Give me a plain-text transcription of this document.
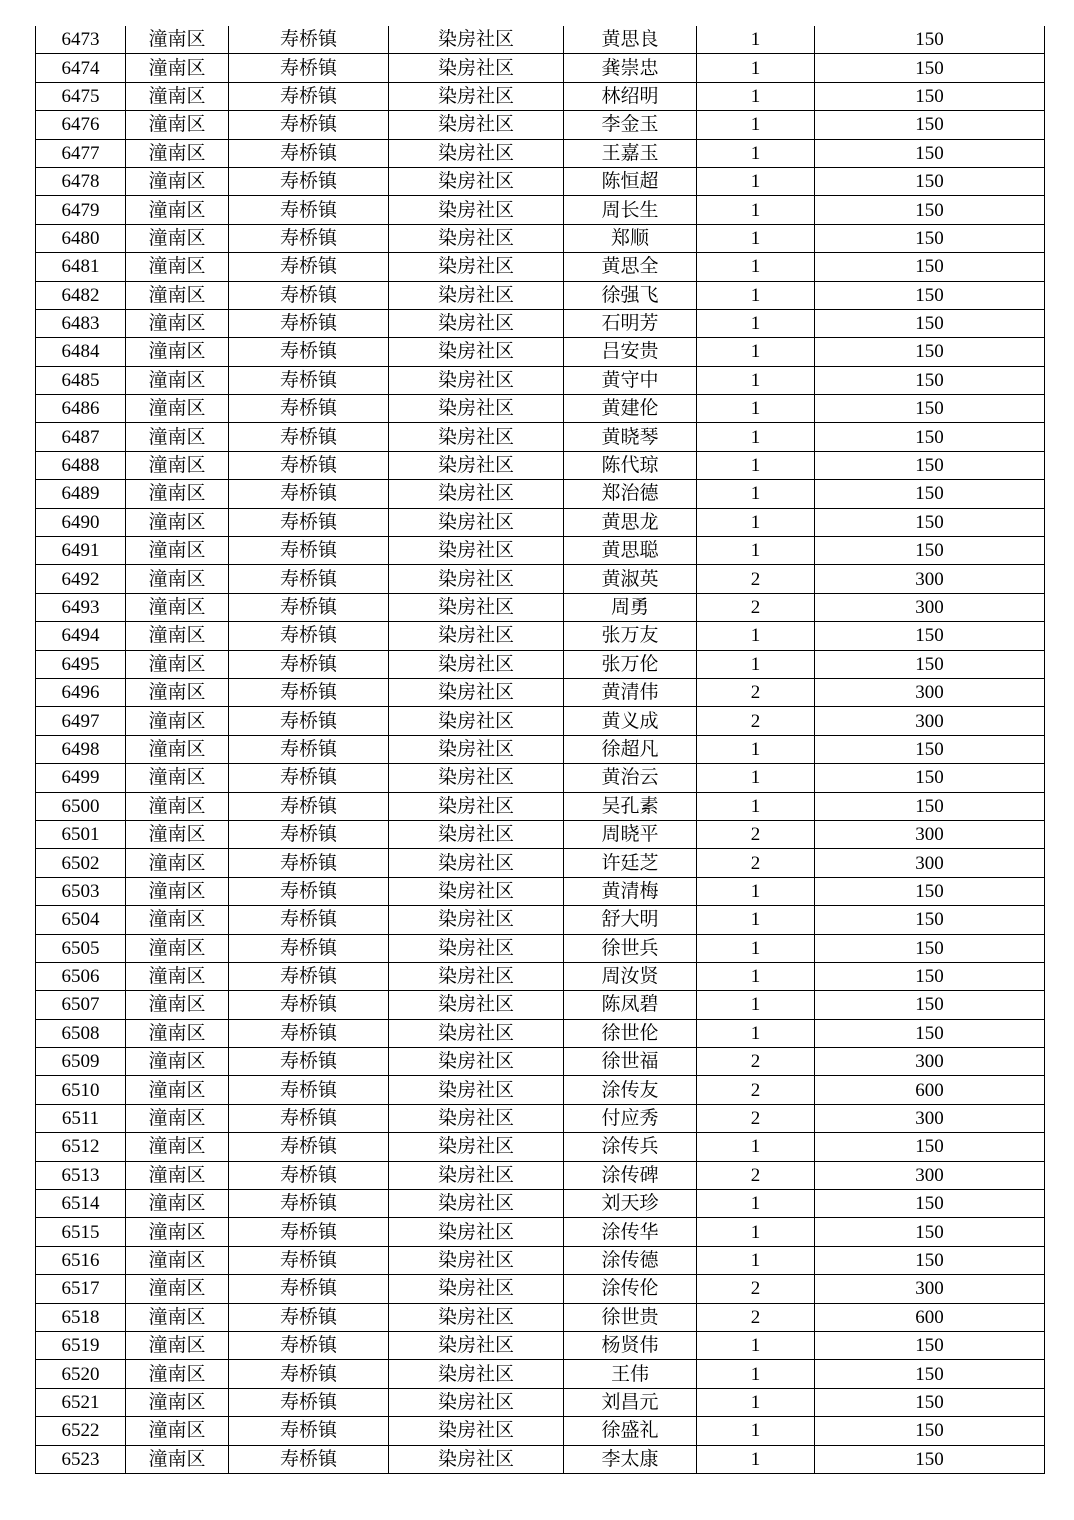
6473	潼南区	寿桥镇	染房社区	黄思良	1	150
6474	潼南区	寿桥镇	染房社区	龚崇忠	1	150
6475	潼南区	寿桥镇	染房社区	林绍明	1	150
6476	潼南区	寿桥镇	染房社区	李金玉	1	150
6477	潼南区	寿桥镇	染房社区	王嘉玉	1	150
6478	潼南区	寿桥镇	染房社区	陈恒超	1	150
6479	潼南区	寿桥镇	染房社区	周长生	1	150
6480	潼南区	寿桥镇	染房社区	郑顺	1	150
6481	潼南区	寿桥镇	染房社区	黄思全	1	150
6482	潼南区	寿桥镇	染房社区	徐强飞	1	150
6483	潼南区	寿桥镇	染房社区	石明芳	1	150
6484	潼南区	寿桥镇	染房社区	吕安贵	1	150
6485	潼南区	寿桥镇	染房社区	黄守中	1	150
6486	潼南区	寿桥镇	染房社区	黄建伦	1	150
6487	潼南区	寿桥镇	染房社区	黄晓琴	1	150
6488	潼南区	寿桥镇	染房社区	陈代琼	1	150
6489	潼南区	寿桥镇	染房社区	郑治德	1	150
6490	潼南区	寿桥镇	染房社区	黄思龙	1	150
6491	潼南区	寿桥镇	染房社区	黄思聪	1	150
6492	潼南区	寿桥镇	染房社区	黄淑英	2	300
6493	潼南区	寿桥镇	染房社区	周勇	2	300
6494	潼南区	寿桥镇	染房社区	张万友	1	150
6495	潼南区	寿桥镇	染房社区	张万伦	1	150
6496	潼南区	寿桥镇	染房社区	黄清伟	2	300
6497	潼南区	寿桥镇	染房社区	黄义成	2	300
6498	潼南区	寿桥镇	染房社区	徐超凡	1	150
6499	潼南区	寿桥镇	染房社区	黄治云	1	150
6500	潼南区	寿桥镇	染房社区	吴孔素	1	150
6501	潼南区	寿桥镇	染房社区	周晓平	2	300
6502	潼南区	寿桥镇	染房社区	许廷芝	2	300
6503	潼南区	寿桥镇	染房社区	黄清梅	1	150
6504	潼南区	寿桥镇	染房社区	舒大明	1	150
6505	潼南区	寿桥镇	染房社区	徐世兵	1	150
6506	潼南区	寿桥镇	染房社区	周汝贤	1	150
6507	潼南区	寿桥镇	染房社区	陈凤碧	1	150
6508	潼南区	寿桥镇	染房社区	徐世伦	1	150
6509	潼南区	寿桥镇	染房社区	徐世福	2	300
6510	潼南区	寿桥镇	染房社区	涂传友	2	600
6511	潼南区	寿桥镇	染房社区	付应秀	2	300
6512	潼南区	寿桥镇	染房社区	涂传兵	1	150
6513	潼南区	寿桥镇	染房社区	涂传碑	2	300
6514	潼南区	寿桥镇	染房社区	刘天珍	1	150
6515	潼南区	寿桥镇	染房社区	涂传华	1	150
6516	潼南区	寿桥镇	染房社区	涂传德	1	150
6517	潼南区	寿桥镇	染房社区	涂传伦	2	300
6518	潼南区	寿桥镇	染房社区	徐世贵	2	600
6519	潼南区	寿桥镇	染房社区	杨贤伟	1	150
6520	潼南区	寿桥镇	染房社区	王伟	1	150
6521	潼南区	寿桥镇	染房社区	刘昌元	1	150
6522	潼南区	寿桥镇	染房社区	徐盛礼	1	150
6523	潼南区	寿桥镇	染房社区	李太康	1	150
